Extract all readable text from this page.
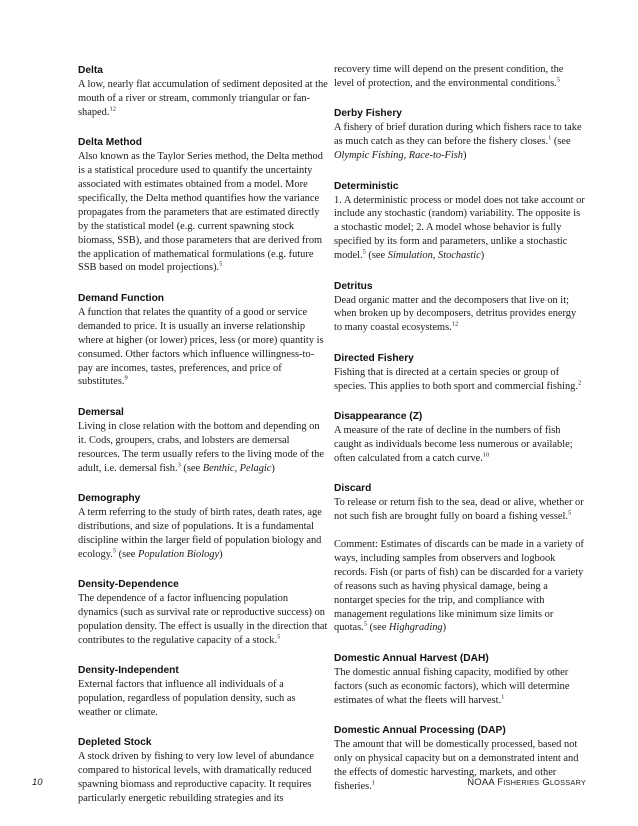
Delta

A low, nearly flat accumulation of sediment deposited at the mouth of a river or stream, commonly triangular or fan-shaped.$^{12}$

Delta Method

Also known as the Taylor Series method, the Delta method is a statistical procedure used to quantify the uncertainty associated with estimates obtained from a model. More specifically, the Delta method quantifies how the variance propagates from the parameters that are estimated directly by the statistical model (e.g. current spawning stock biomass, SSB), and those parameters that are derived from the application of mathematical formulations (e.g. future SSB based on model projections).$^5$

Demand Function

A function that relates the quantity of a good or service demanded to price. It is usually an inverse relationship where at higher (or lower) prices, less (or more) quantity is consumed. Other factors which influence willingness-to-pay are incomes, tastes, preferences, and price of substitutes.$^9$

Demersal

Living in close relation with the bottom and depending on it. Cods, groupers, crabs, and lobsters are demersal resources. The term usually refers to the living mode of the adult, i.e. demersal fish.$^3$ (see Benthic, Pelagic)

Demography

A term referring to the study of birth rates, death rates, age distributions, and size of populations. It is a fundamental discipline within the larger field of population biology and ecology.$^5$ (see Population Biology)

Density-Dependence

The dependence of a factor influencing population dynamics (such as survival rate or reproductive success) on population density. The effect is usually in the direction that contributes to the regulative capacity of a stock.$^5$

Density-Independent

External factors that influence all individuals of a population, regardless of population density, such as weather or climate.

Depleted Stock

A stock driven by fishing to very low level of abundance compared to historical levels, with dramatically reduced spawning biomass and reproductive capacity. It requires particularly energetic rebuilding strategies and its

recovery time will depend on the present condition, the level of protection, and the environmental conditions.$^5$

Derby Fishery

A fishery of brief duration during which fishers race to take as much catch as they can before the fishery closes.$^1$ (see Olympic Fishing, Race-to-Fish)

Deterministic

1. A deterministic process or model does not take account or include any stochastic (random) variability. The opposite is a stochastic model; 2. A model whose behavior is fully specified by its form and parameters, unlike a stochastic model.$^5$ (see Simulation, Stochastic)

Detritus

Dead organic matter and the decomposers that live on it; when broken up by decomposers, detritus provides energy to many coastal ecosystems.$^{12}$

Directed Fishery

Fishing that is directed at a certain species or group of species. This applies to both sport and commercial fishing.$^2$

Disappearance (Z)

A measure of the rate of decline in the numbers of fish caught as individuals become less numerous or available; often calculated from a catch curve.$^{10}$

Discard

To release or return fish to the sea, dead or alive, whether or not such fish are brought fully on board a fishing vessel.$^5$

Comment: Estimates of discards can be made in a variety of ways, including samples from observers and logbook records. Fish (or parts of fish) can be discarded for a variety of reasons such as having physical damage, being a nontarget species for the trip, and compliance with management regulations like minimum size limits or quotas.$^5$ (see Highgrading)

Domestic Annual Harvest (DAH)

The domestic annual fishing capacity, modified by other factors (such as economic factors), which will determine estimates of what the fleets will harvest.$^1$

Domestic Annual Processing (DAP)

The amount that will be domestically processed, based not only on physical capacity but on a demonstrated intent and the effects of domestic harvesting, markets, and other fisheries.$^1$

10	NOAA FISHERIES GLOSSARY
